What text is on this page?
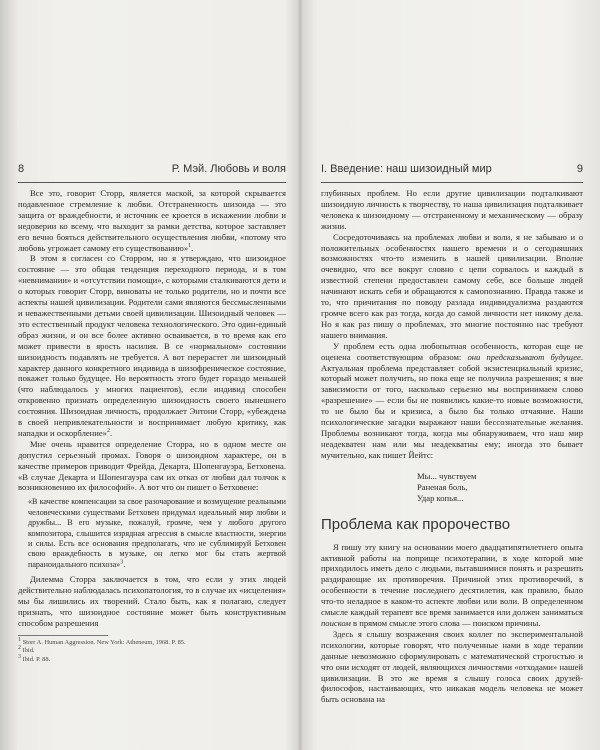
8	Р. Мэй. Любовь и воля

Все это, говорит Сторр, является маской, за которой скрывается подавленное стремление к любви. Отстраненность шизоида — это защита от враждебности, и источник ее кроется в искажении любви и недоверии ко всему, что выходит за рамки детства, которое заставляет его вечно бояться действительного осуществления любви, «потому что любовь угрожает самому его существованию»$^1$.

В этом я согласен со Сторром, но я утверждаю, что шизоидное состояние — это общая тенденция переходного периода, и в том «невнимании» и «отсутствии помощи», с которыми сталкиваются дети и о которых говорит Сторр, виноваты не только родители, но и почти все аспекты нашей цивилизации. Родители сами являются бессмысленными и неважественными детьми своей цивилизации. Шизоидный человек — это естественный продукт человека технологического. Это один-единый образ жизни, и он все более активно осваивается, в то время как его может привести в ярость насилия. В се «нормальном» состоянии шизоидность подавлять не требуется. А вот перерастет ли шизоидный характер данного конкретного индивида в шизофреническое состояние, покажет только будущее. Но вероятность этого будет гораздо меньшей (что наблюдалось у многих пациентов), если индивид способен откровенно признать определенную шизоидность своего нынешнего состояния. Шизоидная личность, продолжает Энтони Сторр, «убеждена в своей непривлекательности и воспринимает любую критику, как нападки и оскорбление»$^2$.

Мне очень нравится определение Сторра, но в одном месте он допустил серьезный промах. Говоря о шизоидном характере, он в качестве примеров приводит Фрейда, Декарта, Шопенгауэра, Бетховена. «В случае Декарта и Шопенгауэра сам их отказ от любви дал толчок к возникновению их философий». А вот что он пишет о Бетховене:

«В качестве компенсации за свое разочарование и возмущение реальными человеческими существами Бетховен придумал идеальный мир любви и дружбы... В его музыке, пожалуй, громче, чем у любого другого композитора, слышится изрядная агрессия в смысле властности, энергии и силы. Есть все основания предполагать, что не сублимируй Бетховен свою враждебность в музыке, он легко мог бы стать жертвой параноидального психоза»$^3$.

Дилемма Сторра заключается в том, что если у этих людей действительно наблюдалась психопатология, то в случае их «исцеления» мы бы лишились их творений. Стало быть, как я полагаю, следует признать, что шизоидное состояние может быть конструктивным способом разрешения

1 Storr A. Human Aggression. New York: Atheneum, 1968. P. 85.
2 Ibid.
3 Ibid. P. 88.
I. Введение: наш шизоидный мир	9

глубинных проблем. Но если другие цивилизации подталкивают шизоидную личность к творчеству, то наша цивилизация подталкивает человека к шизоидному — отстраненному и механическому — образу жизни.

Сосредоточиваясь на проблемах любви и воли, я не забываю и о положительных особенностях нашего времени и о сегодняшних возможностях что-то изменить в нашей цивилизации. Вполне очевидно, что все вокруг словно с цепи сорвалось и каждый в известной степени предоставлен самому себе, все больше людей начинают искать себя и обращаются к самопознанию. Правда также и то, что причитания по поводу разлада индивидуализма раздаются громче всего как раз тогда, когда до самой личности нет никому дела. Но я как раз пишу о проблемах, это многие постоянно нас требуют нашего внимания.

У проблем есть одна любопытная особенность, которая еще не оценена соответствующим образом: они предсказывают будущее. Актуальная проблема представляет собой экзистенциальный кризис, который может получить, но пока еще не получила разрешения; я вне зависимости от того, насколько серьезно мы воспринимаем слово «разрешение» — если бы не появились какие-то новые возможности, то не было бы и кризиса, а было бы только отчаяние. Наши психологические загадки выражают наши бессознательные желания. Проблемы возникают тогда, когда мы обнаруживаем, что наш мир неадекватен нам или мы неадекватны ему; иногда это бывает мучительно, как пишет Йейтс:

Мы... чувствуем
Раненая боль,
Удар копья...
Проблема как пророчество

Я пишу эту книгу на основании моего двадцатипятилетнего опыта активной работы на поприще психотерапии, в ходе которой мне приходилось иметь дело с людьми, пытавшимися понять и разрешить раздирающие их противоречия. Причиной этих противоречий, в особенности в течение последнего десятилетия, как правило, было что-то неладное в каком-то аспекте любви или воли. В определенном смысле каждый терапевт все время занимается или должен заниматься поиском в прямом смысле этого слова — поиском причины.

Здесь я слышу возражения своих коллег по экспериментальной психологии, которые говорят, что полученные нами в ходе терапии данные невозможно сформулировать с математической строгостью и что они исходят от людей, являющихся личностями «отходами» нашей цивилизации. В это же время я слышу голоса своих друзей-философов, настаивающих, что никакая модель человека не может быть основана на
